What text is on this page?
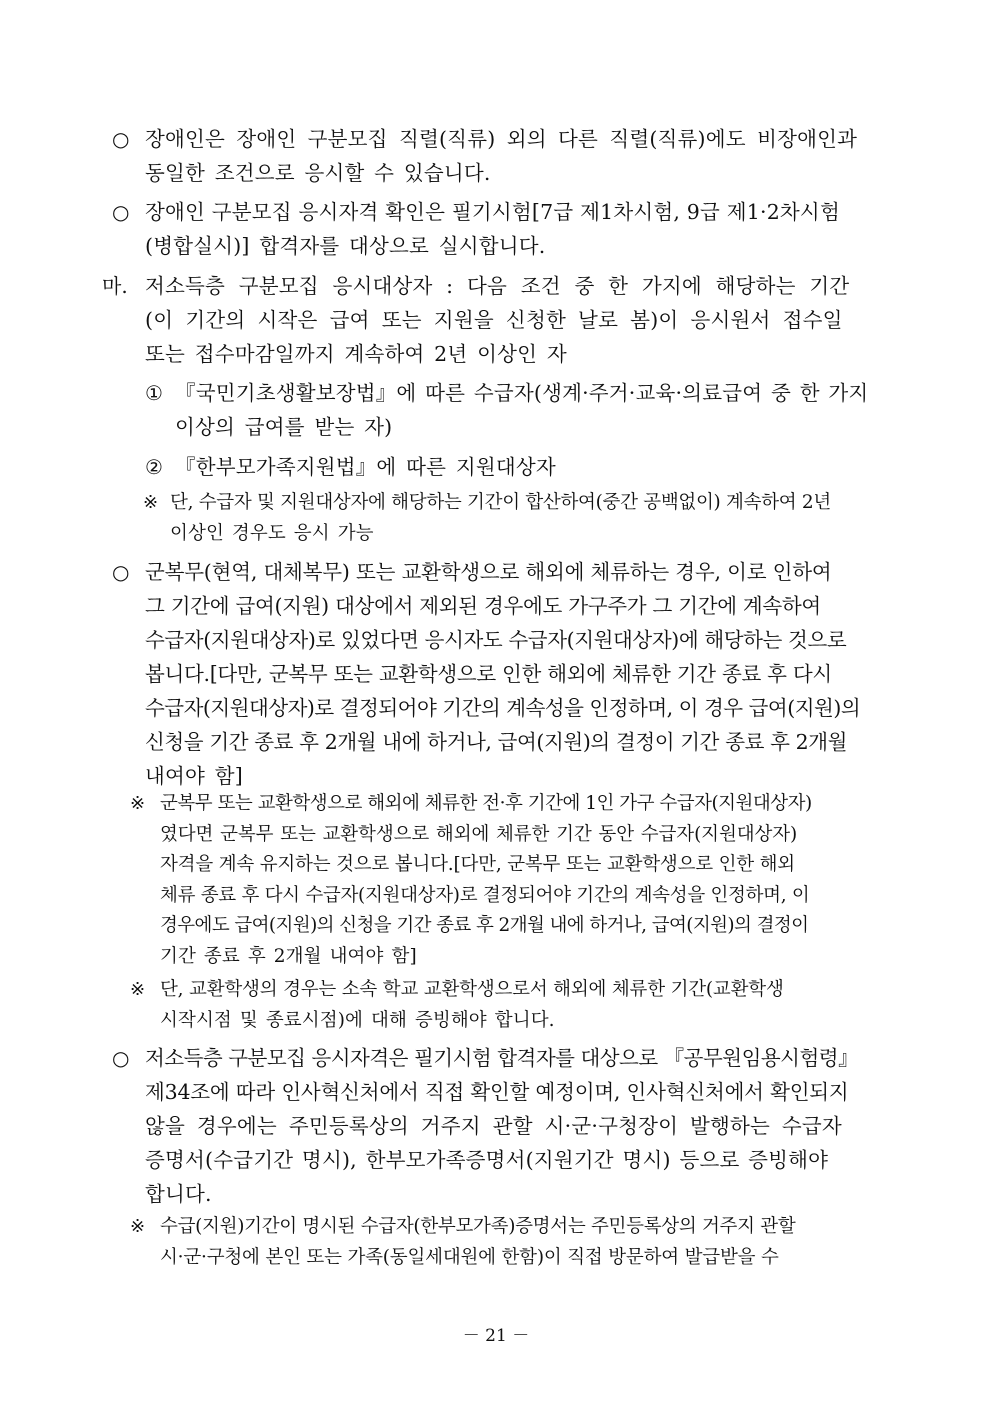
○ 장애인은 장애인 구분모집 직렬(직류) 외의 다른 직렬(직류)에도 비장애인과
동일한 조건으로 응시할 수 있습니다.
○ 장애인 구분모집 응시자격 확인은 필기시험[7급 제1차시험, 9급 제1·2차시험
(병합실시)] 합격자를 대상으로 실시합니다.
마. 저소득층 구분모집 응시대상자 : 다음 조건 중 한 가지에 해당하는 기간
(이 기간의 시작은 급여 또는 지원을 신청한 날로 봄)이 응시원서 접수일
또는 접수마감일까지 계속하여 2년 이상인 자
① 『국민기초생활보장법』에 따른 수급자(생계·주거·교육·의료급여 중 한 가지
이상의 급여를 받는 자)
② 『한부모가족지원법』에 따른 지원대상자
※ 단, 수급자 및 지원대상자에 해당하는 기간이 합산하여(중간 공백없이) 계속하여 2년
이상인 경우도 응시 가능
○ 군복무(현역, 대체복무) 또는 교환학생으로 해외에 체류하는 경우, 이로 인하여
그 기간에 급여(지원) 대상에서 제외된 경우에도 가구주가 그 기간에 계속하여
수급자(지원대상자)로 있었다면 응시자도 수급자(지원대상자)에 해당하는 것으로
봅니다.[다만, 군복무 또는 교환학생으로 인한 해외에 체류한 기간 종료 후 다시
수급자(지원대상자)로 결정되어야 기간의 계속성을 인정하며, 이 경우 급여(지원)의
신청을 기간 종료 후 2개월 내에 하거나, 급여(지원)의 결정이 기간 종료 후 2개월
내여야 함]
※ 군복무 또는 교환학생으로 해외에 체류한 전·후 기간에 1인 가구 수급자(지원대상자)
였다면 군복무 또는 교환학생으로 해외에 체류한 기간 동안 수급자(지원대상자)
자격을 계속 유지하는 것으로 봅니다.[다만, 군복무 또는 교환학생으로 인한 해외
체류 종료 후 다시 수급자(지원대상자)로 결정되어야 기간의 계속성을 인정하며, 이
경우에도 급여(지원)의 신청을 기간 종료 후 2개월 내에 하거나, 급여(지원)의 결정이
기간 종료 후 2개월 내여야 함]
※ 단, 교환학생의 경우는 소속 학교 교환학생으로서 해외에 체류한 기간(교환학생
시작시점 및 종료시점)에 대해 증빙해야 합니다.
○ 저소득층 구분모집 응시자격은 필기시험 합격자를 대상으로 『공무원임용시험령』
제34조에 따라 인사혁신처에서 직접 확인할 예정이며, 인사혁신처에서 확인되지
않을 경우에는 주민등록상의 거주지 관할 시·군·구청장이 발행하는 수급자
증명서(수급기간 명시), 한부모가족증명서(지원기간 명시) 등으로 증빙해야
합니다.
※ 수급(지원)기간이 명시된 수급자(한부모가족)증명서는 주민등록상의 거주지 관할
시·군·구청에 본인 또는 가족(동일세대원에 한함)이 직접 방문하여 발급받을 수
－ 21 －
